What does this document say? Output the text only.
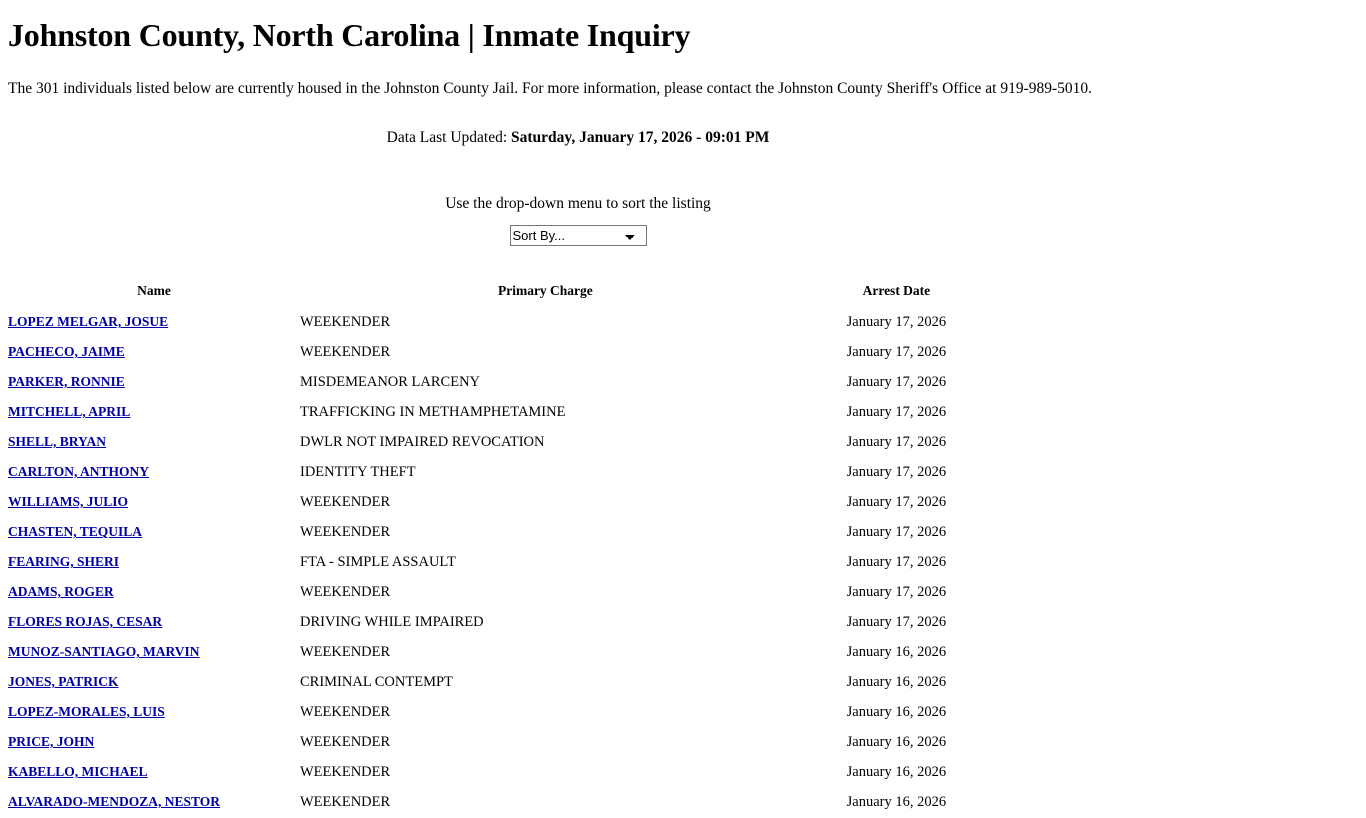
Johnston County, North Carolina | Inmate Inquiry

The 301 individuals listed below are currently housed in the Johnston County Jail. For more information, please contact the Johnston County Sheriff's Office at 919-989-5010.

Data Last Updated: Saturday, January 17, 2026 - 09:01 PM
Use the drop-down menu to sort the listing
Sort By...
Name	Primary Charge	Arrest Date
LOPEZ MELGAR, JOSUE	WEEKENDER	January 17, 2026
PACHECO, JAIME	WEEKENDER	January 17, 2026
PARKER, RONNIE	MISDEMEANOR LARCENY	January 17, 2026
MITCHELL, APRIL	TRAFFICKING IN METHAMPHETAMINE	January 17, 2026
SHELL, BRYAN	DWLR NOT IMPAIRED REVOCATION	January 17, 2026
CARLTON, ANTHONY	IDENTITY THEFT	January 17, 2026
WILLIAMS, JULIO	WEEKENDER	January 17, 2026
CHASTEN, TEQUILA	WEEKENDER	January 17, 2026
FEARING, SHERI	FTA - SIMPLE ASSAULT	January 17, 2026
ADAMS, ROGER	WEEKENDER	January 17, 2026
FLORES ROJAS, CESAR	DRIVING WHILE IMPAIRED	January 17, 2026
MUNOZ-SANTIAGO, MARVIN	WEEKENDER	January 16, 2026
JONES, PATRICK	CRIMINAL CONTEMPT	January 16, 2026
LOPEZ-MORALES, LUIS	WEEKENDER	January 16, 2026
PRICE, JOHN	WEEKENDER	January 16, 2026
KABELLO, MICHAEL	WEEKENDER	January 16, 2026
ALVARADO-MENDOZA, NESTOR	WEEKENDER	January 16, 2026
